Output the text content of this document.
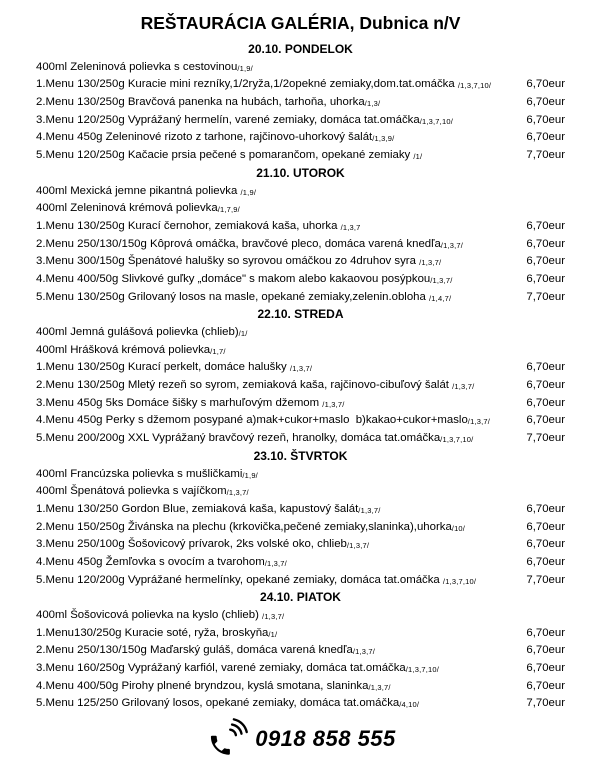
REŠTAURÁCIA GALÉRIA, Dubnica n/V
20.10. PONDELOK
400ml Zeleninová polievka s cestovinou/1,9/
1.Menu 130/250g Kuracie mini rezníky,1/2ryža,1/2opekné zemiaky,dom.tat.omáčka /1,3,7,10/	6,70eur
2.Menu 130/250g Bravčová panenka na hubách, tarhoňa, uhorka/1,3/	6,70eur
3.Menu 120/250g Vyprážaný hermelín, varené zemiaky, domáca tat.omáčka/1,3,7,10/	6,70eur
4.Menu 450g Zeleninové rizoto z tarhone, rajčinovo-uhorkový šalát/1,3,9/	6,70eur
5.Menu 120/250g Kačacie prsia pečené s pomarančom, opekané zemiaky /1/	7,70eur
21.10. UTOROK
400ml Mexická jemne pikantná polievka /1,9/
400ml Zeleninová krémová polievka/1,7,9/
1.Menu 130/250g Kurací černohor, zemiaková kaša, uhorka /1,3,7	6,70eur
2.Menu 250/130/150g Kôprová omáčka, bravčové pleco, domáca varená knedľa/1,3,7/	6,70eur
3.Menu 300/150g Špenátové halušky so syrovou omáčkou zo 4druhov syra /1,3,7/	6,70eur
4.Menu 400/50g Slivkové guľky „domáce" s makom alebo kakaovou posýpkou/1,3,7/	6,70eur
5.Menu 130/250g Grilovaný losos na masle, opekané zemiaky,zelenin.obloha /1,4,7/	7,70eur
22.10. STREDA
400ml Jemná gulášová polievka (chlieb)/1/
400ml Hrášková krémová polievka/1,7/
1.Menu 130/250g Kurací perkelt, domáce halušky /1,3,7/	6,70eur
2.Menu 130/250g Mletý rezeň so syrom, zemiaková kaša, rajčinovo-cibuľový šalát /1,3,7/	6,70eur
3.Menu 450g 5ks Domáce šišky s marhuľovým džemom /1,3,7/	6,70eur
4.Menu 450g Perky s džemom posypané a)mak+cukor+maslo  b)kakao+cukor+maslo/1,3,7/	6,70eur
5.Menu 200/200g XXL Vyprážaný bravčový rezeň, hranolky, domáca tat.omáčka/1,3,7,10/	7,70eur
23.10. ŠTVRTOK
400ml Francúzska polievka s mušličkami/1,9/
400ml Špenátová polievka s vajíčkom/1,3,7/
1.Menu 130/250 Gordon Blue, zemiaková kaša, kapustový šalát/1,3,7/	6,70eur
2.Menu 150/250g Živánska na plechu (krkovička,pečené zemiaky,slaninka),uhorka/10/	6,70eur
3.Menu 250/100g Šošovicový prívarok, 2ks volské oko, chlieb/1,3,7/	6,70eur
4.Menu 450g Žemľovka s ovocím a tvarohom/1,3,7/	6,70eur
5.Menu 120/200g Vyprážané hermelínky, opekané zemiaky, domáca tat.omáčka /1,3,7,10/	7,70eur
24.10. PIATOK
400ml Šošovicová polievka na kyslo (chlieb) /1,3,7/
1.Menu130/250g Kuracie soté, ryža, broskyňa/1/	6,70eur
2.Menu 250/130/150g Maďarský guláš, domáca varená knedľa/1,3,7/	6,70eur
3.Menu 160/250g Vyprážaný karfiól, varené zemiaky, domáca tat.omáčka/1,3,7,10/	6,70eur
4.Menu 400/50g Pirohy plnené bryndzou, kyslá smotana, slaninka/1,3,7/	6,70eur
5.Menu 125/250 Grilovaný losos, opekané zemiaky, domáca tat.omáčka/4,10/	7,70eur
0918 858 555
